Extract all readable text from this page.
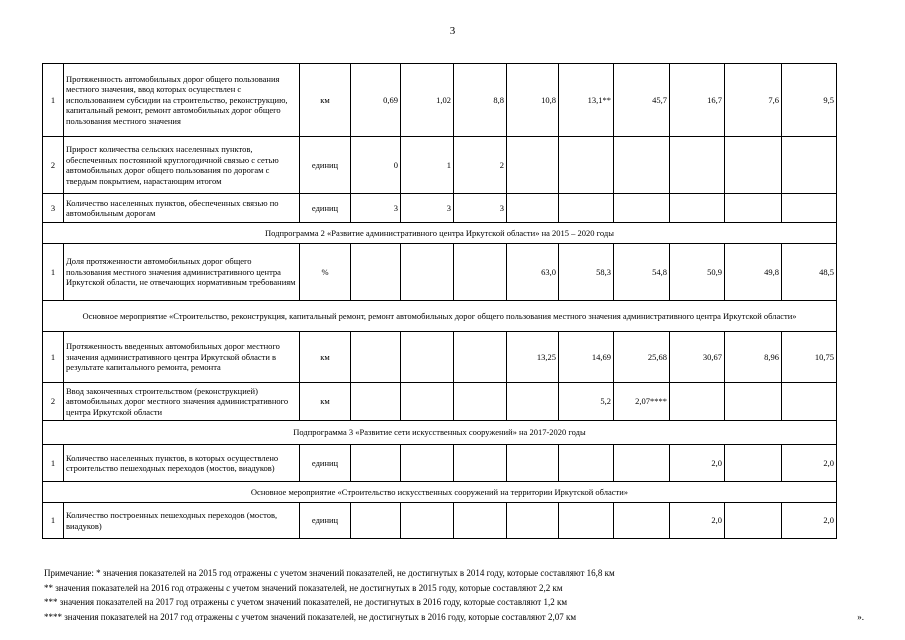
3
1	Протяженность автомобильных дорог общего пользования местного значения, ввод которых осуществлен с использованием субсидии на строительство, реконструкцию, капитальный ремонт, ремонт автомобильных дорог общего пользования местного значения	км	0,69	1,02	8,8	10,8	13,1**	45,7	16,7	7,6	9,5
2	Прирост количества сельских населенных пунктов, обеспеченных постоянной круглогодичной связью с сетью автомобильных дорог общего пользования по дорогам с твердым покрытием, нарастающим итогом	единиц	0	1	2						
3	Количество населенных пунктов, обеспеченных связью по автомобильным дорогам	единиц	3	3	3						
Подпрограмма 2 «Развитие административного центра Иркутской области» на 2015 – 2020 годы											
1	Доля протяженности автомобильных дорог общего пользования местного значения административного центра Иркутской области, не отвечающих нормативным требованиям	%				63,0	58,3	54,8	50,9	49,8	48,5
Основное мероприятие «Строительство, реконструкция, капитальный ремонт, ремонт автомобильных дорог общего пользования местного значения административного центра Иркутской области»											
1	Протяженность введенных автомобильных дорог местного значения административного центра Иркутской области в результате капитального ремонта, ремонта	км				13,25	14,69	25,68	30,67	8,96	10,75
2	Ввод законченных строительством (реконструкцией) автомобильных дорог местного значения административного центра Иркутской области	км					5,2	2,07****			
Подпрограмма 3 «Развитие сети искусственных сооружений» на 2017-2020 годы											
1	Количество населенных пунктов, в которых осуществлено строительство пешеходных переходов (мостов, виадуков)	единиц							2,0		2,0
Основное мероприятие «Строительство искусственных сооружений на территории Иркутской области»											
1	Количество построенных пешеходных переходов (мостов, виадуков)	единиц							2,0		2,0
Примечание: * значения показателей на 2015 год отражены с учетом значений показателей, не достигнутых в 2014 году, которые составляют 16,8 км
** значения показателей на 2016 год отражены с учетом значений показателей, не достигнутых в 2015 году, которые составляют 2,2 км
*** значения показателей на 2017 год отражены с учетом значений показателей, не достигнутых в 2016 году, которые составляют 1,2 км
**** значения показателей на 2017 год отражены с учетом значений показателей, не достигнутых в 2016 году, которые составляют 2,07 км	».
